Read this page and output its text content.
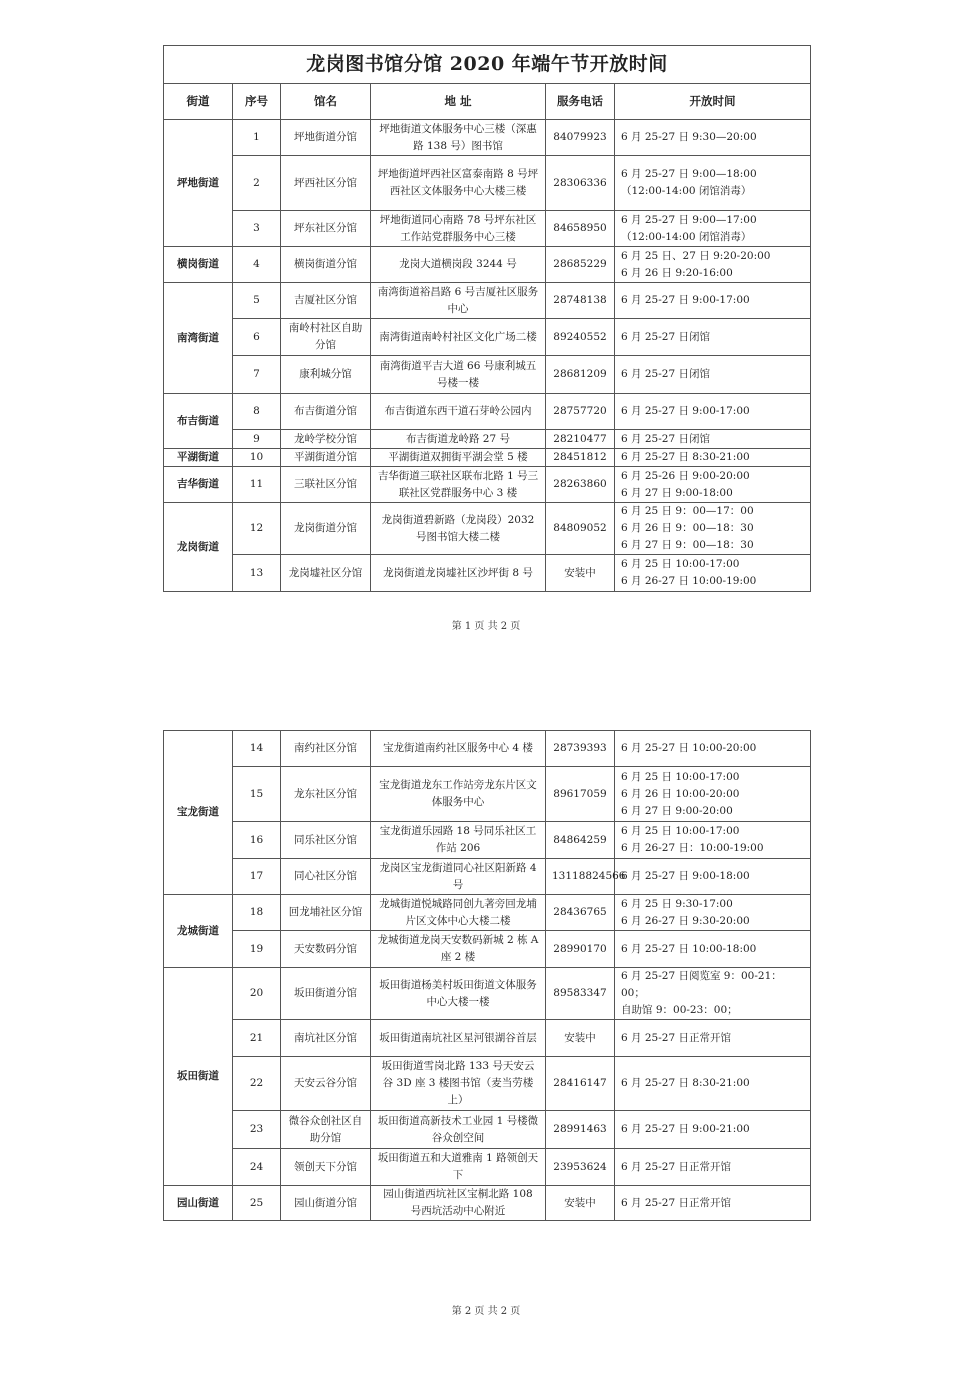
龙岗图书馆分馆 2020 年端午节开放时间					
街道	序号	馆名	地 址	服务电话	开放时间
坪地街道	1	坪地街道分馆	坪地街道文体服务中心三楼（深惠路 138 号）图书馆	84079923	6 月 25-27 日 9:30—20:00
	2	坪西社区分馆	坪地街道坪西社区富泰南路 8 号坪西社区文体服务中心大楼三楼	28306336	6 月 25-27 日 9:00—18:00
（12:00-14:00 闭馆消毒）
	3	坪东社区分馆	坪地街道同心南路 78 号坪东社区工作站党群服务中心三楼	84658950	6 月 25-27 日 9:00—17:00
（12:00-14:00 闭馆消毒）
横岗街道	4	横岗街道分馆	龙岗大道横岗段 3244 号	28685229	6 月 25 日、27 日 9:20-20:00
6 月 26 日 9:20-16:00
南湾街道	5	吉厦社区分馆	南湾街道裕昌路 6 号吉厦社区服务中心	28748138	6 月 25-27 日 9:00-17:00
	6	南岭村社区自助分馆	南湾街道南岭村社区文化广场二楼	89240552	6 月 25-27 日闭馆
	7	康利城分馆	南湾街道平吉大道 66 号康利城五号楼一楼	28681209	6 月 25-27 日闭馆
布吉街道	8	布吉街道分馆	布吉街道东西干道石芽岭公园内	28757720	6 月 25-27 日 9:00-17:00
	9	龙岭学校分馆	布吉街道龙岭路 27 号	28210477	6 月 25-27 日闭馆
平湖街道	10	平湖街道分馆	平湖街道双拥街平湖会堂 5 楼	28451812	6 月 25-27 日 8:30-21:00
吉华街道	11	三联社区分馆	吉华街道三联社区联布北路 1 号三联社区党群服务中心 3 楼	28263860	6 月 25-26 日 9:00-20:00
6 月 27 日 9:00-18:00
龙岗街道	12	龙岗街道分馆	龙岗街道碧新路（龙岗段）2032 号图书馆大楼二楼	84809052	6 月 25 日 9：00—17：00
6 月 26 日 9：00—18：30
6 月 27 日 9：00—18：30
	13	龙岗墟社区分馆	龙岗街道龙岗墟社区沙坪街 8 号	安装中	6 月 25 日 10:00-17:00
6 月 26-27 日 10:00-19:00
第 1 页 共 2 页
宝龙街道	14	南约社区分馆	宝龙街道南约社区服务中心 4 楼	28739393	6 月 25-27 日 10:00-20:00
	15	龙东社区分馆	宝龙街道龙东工作站旁龙东片区文体服务中心	89617059	6 月 25 日 10:00-17:00
6 月 26 日 10:00-20:00
6 月 27 日 9:00-20:00
	16	同乐社区分馆	宝龙街道乐园路 18 号同乐社区工作站 206	84864259	6 月 25 日 10:00-17:00
6 月 26-27 日：10:00-19:00
	17	同心社区分馆	龙岗区宝龙街道同心社区阳新路 4 号	13118824566	6 月 25-27 日 9:00-18:00
龙城街道	18	回龙埔社区分馆	龙城街道悦城路同创九著旁回龙埔片区文体中心大楼二楼	28436765	6 月 25 日 9:30-17:00
6 月 26-27 日 9:30-20:00
	19	天安数码分馆	龙城街道龙岗天安数码新城 2 栋 A 座 2 楼	28990170	6 月 25-27 日 10:00-18:00
坂田街道	20	坂田街道分馆	坂田街道杨美村坂田街道文体服务中心大楼一楼	89583347	6 月 25-27 日阅览室 9：00-21：00；
自助馆 9：00-23：00；
	21	南坑社区分馆	坂田街道南坑社区星河银湖谷首层	安装中	6 月 25-27 日正常开馆
	22	天安云谷分馆	坂田街道雪岗北路 133 号天安云谷 3D 座 3 楼图书馆（麦当劳楼上）	28416147	6 月 25-27 日 8:30-21:00
	23	微谷众创社区自助分馆	坂田街道高新技术工业园 1 号楼微谷众创空间	28991463	6 月 25-27 日 9:00-21:00
	24	领创天下分馆	坂田街道五和大道雅南 1 路领创天下	23953624	6 月 25-27 日正常开馆
园山街道	25	园山街道分馆	园山街道西坑社区宝桐北路 108 号西坑活动中心附近	安装中	6 月 25-27 日正常开馆
第 2 页 共 2 页
